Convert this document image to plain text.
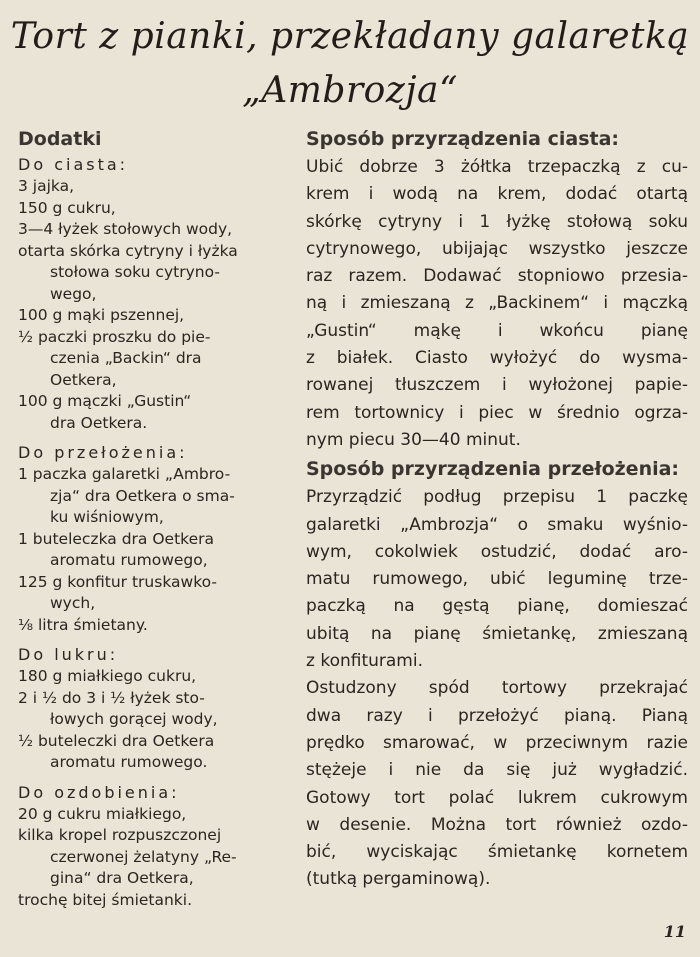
Tort z pianki, przekładany galaretką
„Ambrozja“
Dodatki
Do ciasta:
3 jajka,
150 g cukru,
3—4 łyżek stołowych wody,
otarta skórka cytryny i łyżka
stołowa soku cytryno-
wego,
100 g mąki pszennej,
½ paczki proszku do pie-
czenia „Backin“ dra
Oetkera,
100 g mączki „Gustin“
dra Oetkera.
Do przełożenia:
1 paczka galaretki „Ambro-
zja“ dra Oetkera o sma-
ku wiśniowym,
1 buteleczka dra Oetkera
aromatu rumowego,
125 g konfitur truskawko-
wych,
⅛ litra śmietany.
Do lukru:
180 g miałkiego cukru,
2 i ½ do 3 i ½ łyżek sto-
łowych gorącej wody,
½ buteleczki dra Oetkera
aromatu rumowego.
Do ozdobienia:
20 g cukru miałkiego,
kilka kropel rozpuszczonej
czerwonej żelatyny „Re-
gina“ dra Oetkera,
trochę bitej śmietanki.
Sposób przyrządzenia ciasta:
Ubić dobrze 3 żółtka trzepaczką z cu-
krem i wodą na krem, dodać otartą
skórkę cytryny i 1 łyżkę stołową soku
cytrynowego, ubijając wszystko jeszcze
raz razem. Dodawać stopniowo przesia-
ną i zmieszaną z „Backinem“ i mączką
„Gustin“ mąkę i wkońcu pianę
z białek. Ciasto wyłożyć do wysma-
rowanej tłuszczem i wyłożonej papie-
rem tortownicy i piec w średnio ogrza-
nym piecu 30—40 minut.
Sposób przyrządzenia przełożenia:
Przyrządzić podług przepisu 1 paczkę
galaretki „Ambrozja“ o smaku wyśnio-
wym, cokolwiek ostudzić, dodać aro-
matu rumowego, ubić leguminę trze-
paczką na gęstą pianę, domieszać
ubitą na pianę śmietankę, zmieszaną
z konfiturami.
Ostudzony spód tortowy przekrajać
dwa razy i przełożyć pianą. Pianą
prędko smarować, w przeciwnym razie
stężeje i nie da się już wygładzić.
Gotowy tort polać lukrem cukrowym
w desenie. Można tort również ozdo-
bić, wyciskając śmietankę kornetem
(tutką pergaminową).
11
